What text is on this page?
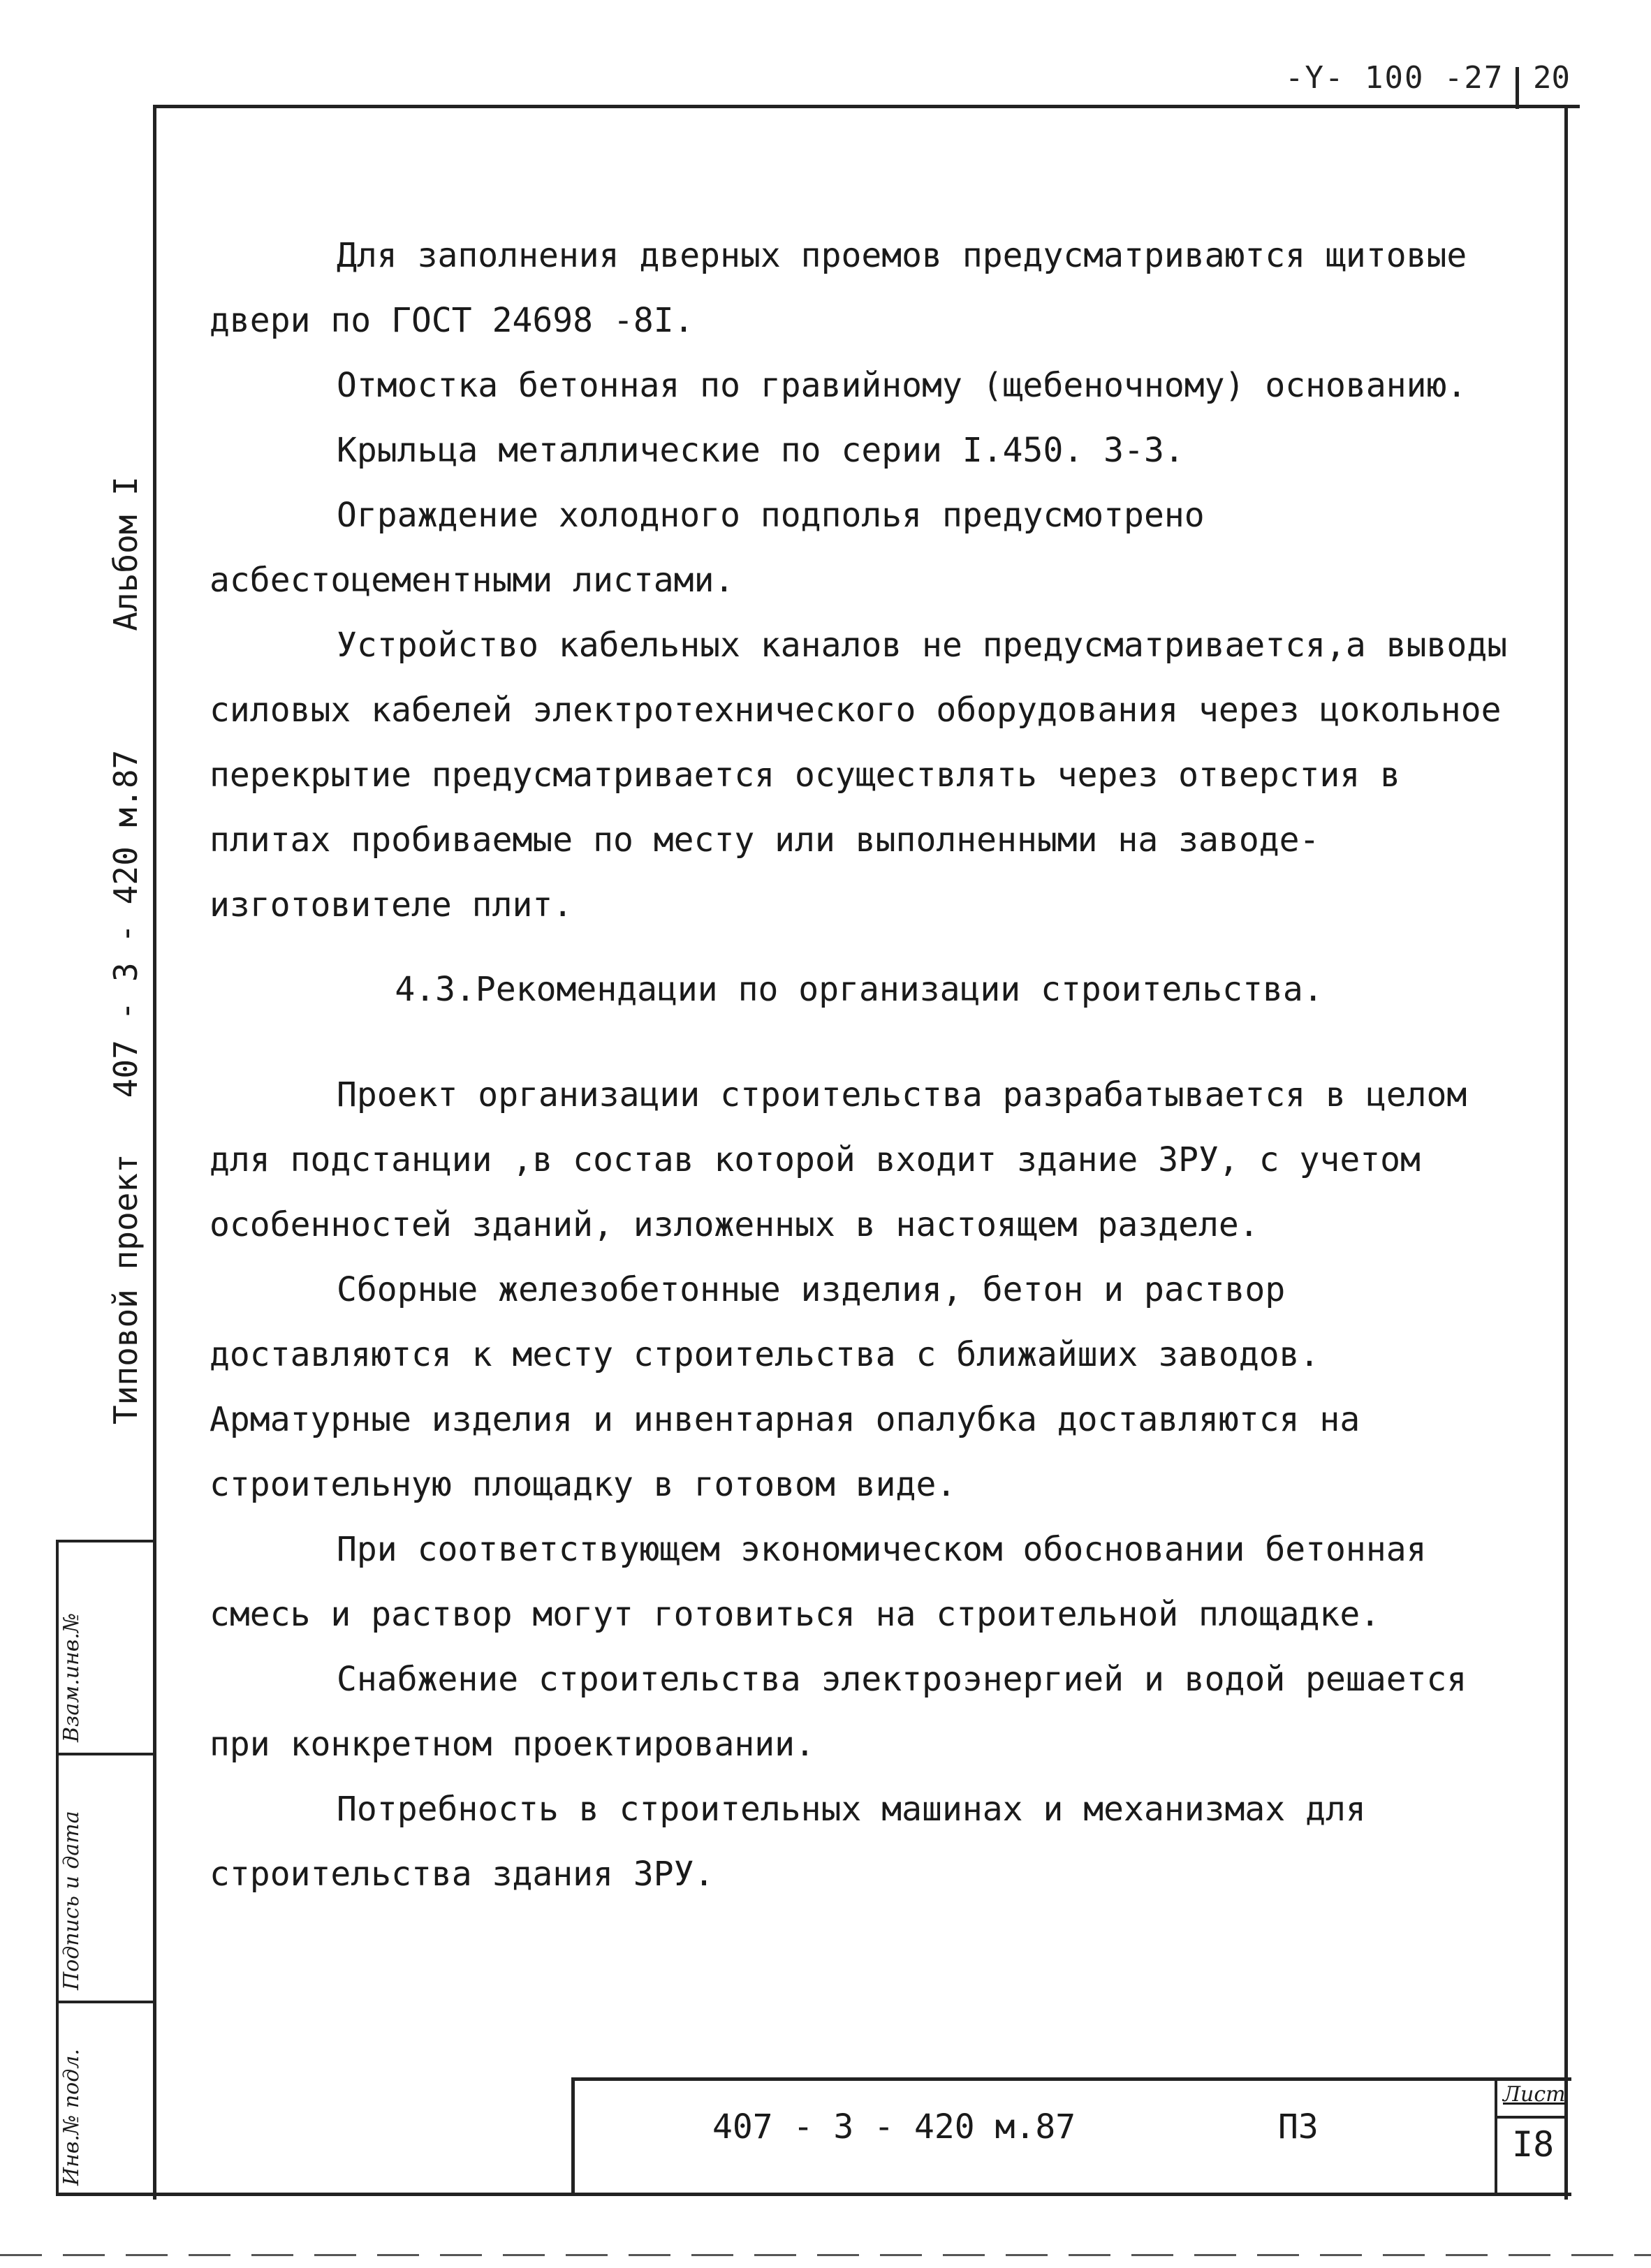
-Y- 100 -27 20
Типовой проект
407 - 3 - 420 м.87
Альбом I
Инв.№ подл.
Подпись и дата
Взам.инв.№

Для заполнения дверных проемов предусматриваются щитовые двери по ГОСТ 24698 -8I.

Отмостка бетонная по гравийному (щебеночному) основанию.

Крыльца металлические по серии I.450. 3-3.

Ограждение холодного подполья предусмотрено асбестоцементными листами.

Устройство кабельных каналов не предусматривается,а выводы силовых кабелей электротехнического оборудования через цокольное перекрытие предусматривается осуществлять через отверстия в плитах пробиваемые по месту или выполненными на заводе-изготовителе плит.

4.3.Рекомендации по организации строительства.

Проект организации строительства разрабатывается в целом для подстанции ,в состав которой входит здание ЗРУ, с учетом особенностей зданий, изложенных в настоящем разделе.

Сборные железобетонные изделия, бетон и раствор доставляются к месту строительства с ближайших заводов. Арматурные изделия и инвентарная опалубка доставляются на строительную площадку в готовом виде.

При соответствующем экономическом обосновании бетонная смесь и раствор могут готовиться на строительной площадке.

Снабжение строительства электроэнергией и водой решается при конкретном проектировании.

Потребность в строительных машинах и механизмах для строительства здания ЗРУ.

407 - 3 - 420 м.87	ПЗ
Лист
I8
